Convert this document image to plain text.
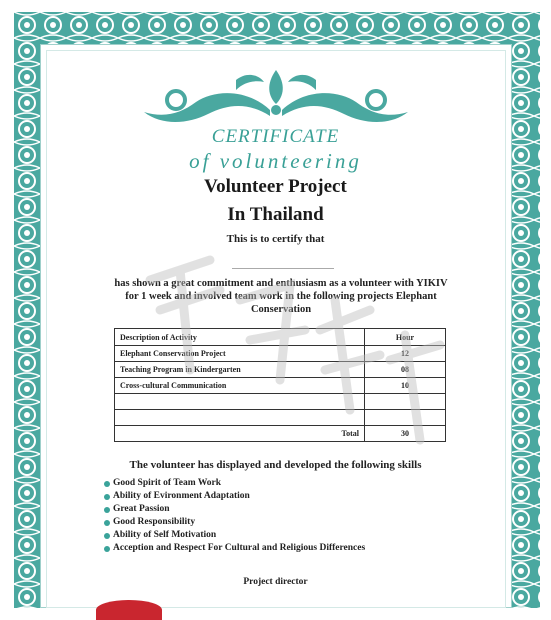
CERTIFICATE
of volunteering
Volunteer Project
In Thailand
This is to certify that
has shown a great commitment and enthusiasm as a volunteer with YIKIV
for 1 week and involved team work in the following projects Elephant
Conservation
Description of Activity	Hour
Elephant Conservation Project	12
Teaching Program in Kindergarten	08
Cross-cultural Communication	10

Total	30
The volunteer has displayed and developed the following skills
Good Spirit of Team Work
Ability of Evironment Adaptation
Great Passion
Good Responsibility
Ability of Self Motivation
Acception and Respect For Cultural and Religious Differences
Project director
